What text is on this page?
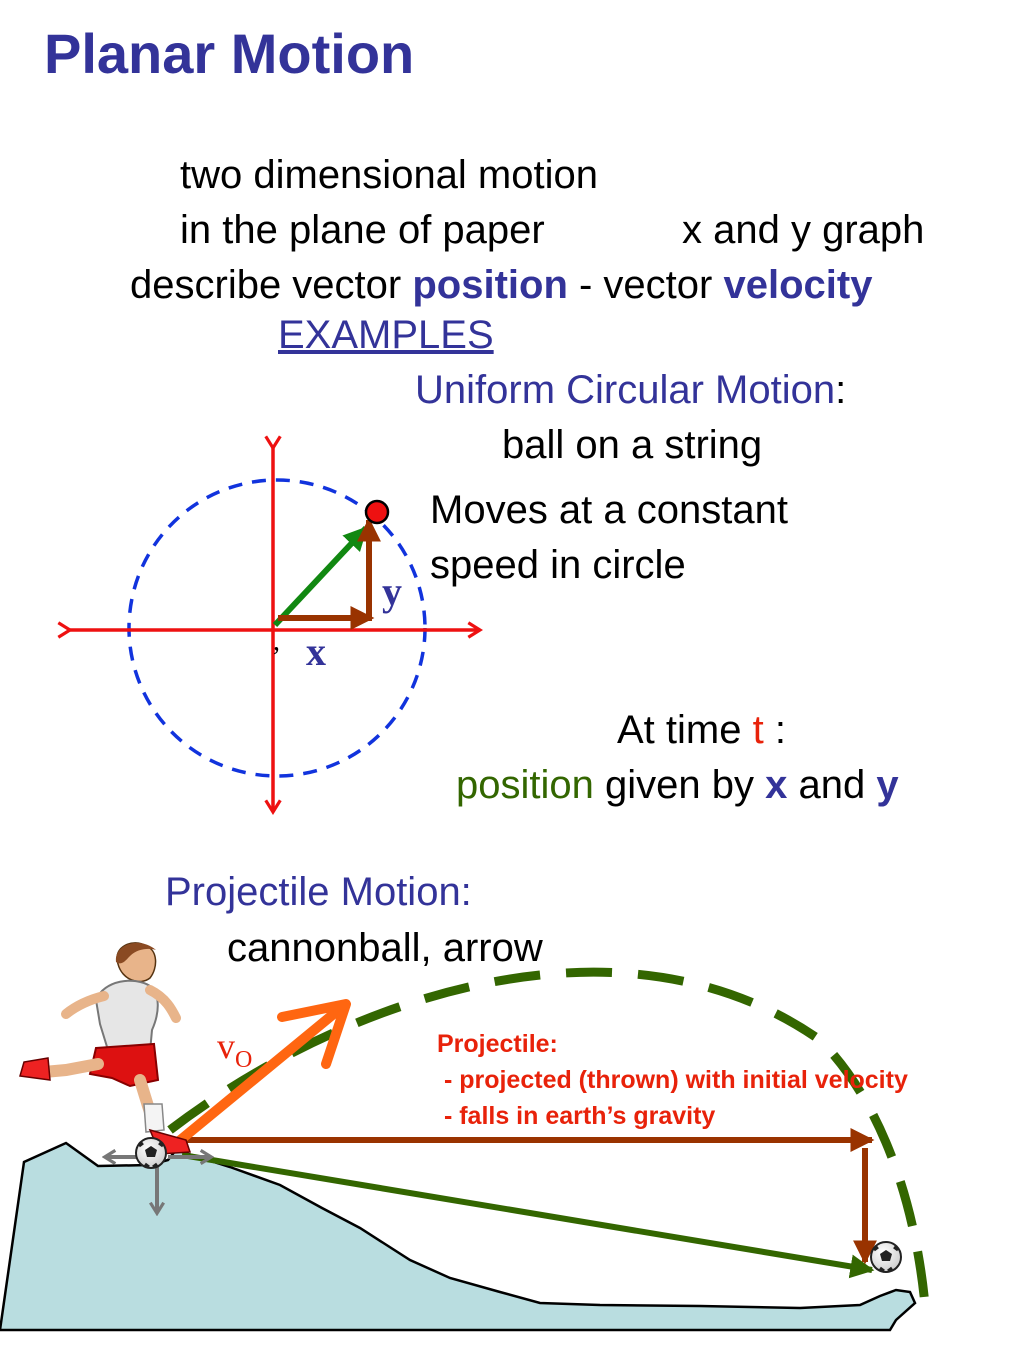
Planar Motion
two dimensional motion
in the plane of paper	x and y graph
describe vector position - vector velocity
EXAMPLES
Uniform Circular Motion:
ball on a string
Moves at a constant
speed in circle
At time t :
position given by x and y
Projectile Motion:
cannonball, arrow
y
x
,
$v_O$
Projectile:
- projected (thrown) with initial velocity
- falls in earth’s gravity
